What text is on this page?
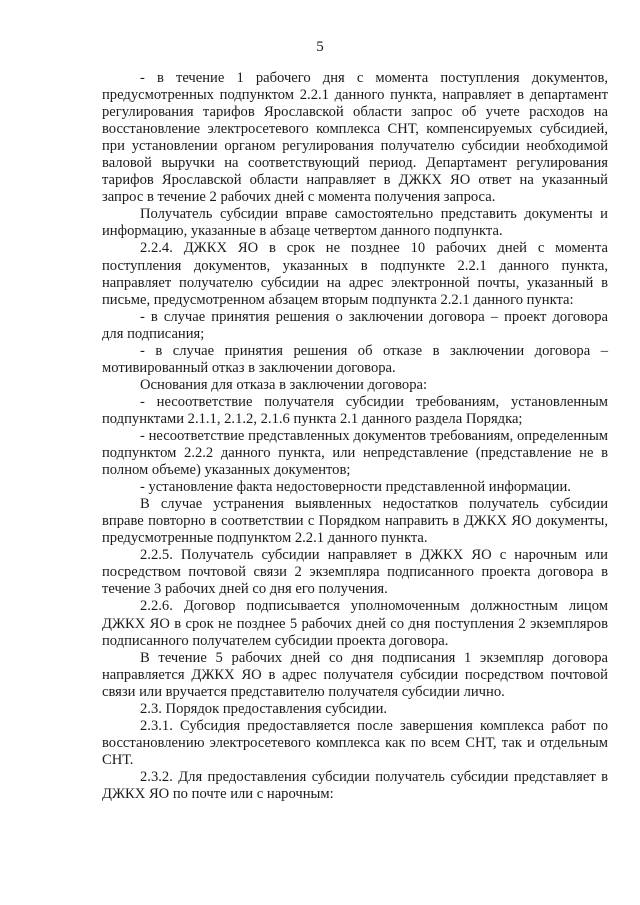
5

- в течение 1 рабочего дня с момента поступления документов, предусмотренных подпунктом 2.2.1 данного пункта, направляет в департамент регулирования тарифов Ярославской области запрос об учете расходов на восстановление электросетевого комплекса СНТ, компенсируемых субсидией, при установлении органом регулирования получателю субсидии необходимой валовой выручки на соответствующий период. Департамент регулирования тарифов Ярославской области направляет в ДЖКХ ЯО ответ на указанный запрос в течение 2 рабочих дней с момента получения запроса.

Получатель субсидии вправе самостоятельно представить документы и информацию, указанные в абзаце четвертом данного подпункта.

2.2.4. ДЖКХ ЯО в срок не позднее 10 рабочих дней с момента поступления документов, указанных в подпункте 2.2.1 данного пункта, направляет получателю субсидии на адрес электронной почты, указанный в письме, предусмотренном абзацем вторым подпункта 2.2.1 данного пункта:

- в случае принятия решения о заключении договора – проект договора для подписания;

- в случае принятия решения об отказе в заключении договора – мотивированный отказ в заключении договора.

Основания для отказа в заключении договора:

- несоответствие получателя субсидии требованиям, установленным подпунктами 2.1.1, 2.1.2, 2.1.6 пункта 2.1 данного раздела Порядка;

- несоответствие представленных документов требованиям, определенным подпунктом 2.2.2 данного пункта, или непредставление (представление не в полном объеме) указанных документов;

- установление факта недостоверности представленной информации.

В случае устранения выявленных недостатков получатель субсидии вправе повторно в соответствии с Порядком направить в ДЖКХ ЯО документы, предусмотренные подпунктом 2.2.1 данного пункта.

2.2.5. Получатель субсидии направляет в ДЖКХ ЯО с нарочным или посредством почтовой связи 2 экземпляра подписанного проекта договора в течение 3 рабочих дней со дня его получения.

2.2.6. Договор подписывается уполномоченным должностным лицом ДЖКХ ЯО в срок не позднее 5 рабочих дней со дня поступления 2 экземпляров подписанного получателем субсидии проекта договора.

В течение 5 рабочих дней со дня подписания 1 экземпляр договора направляется ДЖКХ ЯО в адрес получателя субсидии посредством почтовой связи или вручается представителю получателя субсидии лично.

2.3. Порядок предоставления субсидии.

2.3.1. Субсидия предоставляется после завершения комплекса работ по восстановлению электросетевого комплекса как по всем СНТ, так и отдельным СНТ.

2.3.2. Для предоставления субсидии получатель субсидии представляет в ДЖКХ ЯО по почте или с нарочным:
